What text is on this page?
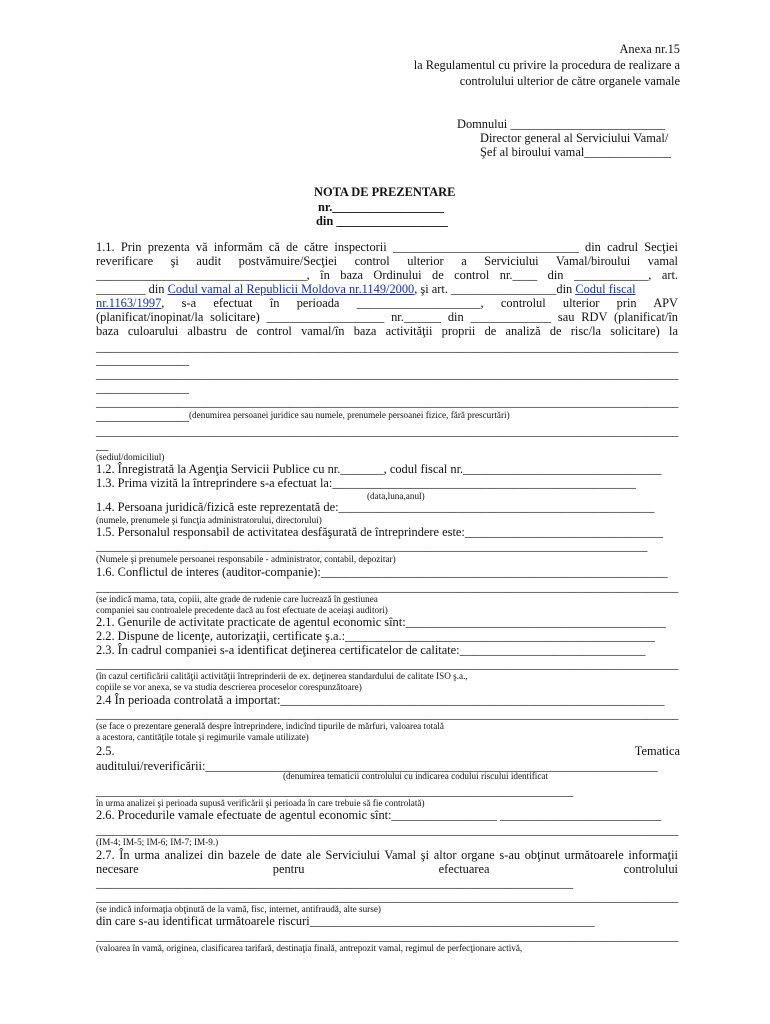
Anexa nr.15
la Regulamentul cu privire la procedura de realizare a
controlului ulterior de către organele vamale
Domnului _________________________
Director general al Serviciului Vamal/
Şef al biroului vamal______________
NOTA DE PREZENTARE
nr.__________________
din __________________
1.1. Prin prezenta vă informăm că de către inspectorii ______________________________ din cadrul Secţiei
reverificare şi audit postvămuire/Secţiei control ulterior a Serviciului Vamal/biroului vamal
__________________________________, în baza Ordinului de control nr.____ din ____________, art.
________ din Codul vamal al Republicii Moldova nr.1149/2000, şi art. _________________din Codul fiscal
nr.1163/1997, s-a efectuat în perioada ____________________, controlul ulterior prin APV
(planificat/inopinat/la solicitare) ___________________ nr.______ din _____________ sau RDV (planificat/în
baza culoarului albastru de control vamal/în baza activităţii proprii de analiză de risc/la solicitare) la
______________________________________________________________________________________________
_______________
______________________________________________________________________________________________
_______________
______________________________________________________________________________________________
_______________ (denumirea persoanei juridice sau numele, prenumele persoanei fizice, fără prescurtări)
______________________________________________________________________________________________
__
(sediul/domiciliul)
1.2. Înregistrată la Agenţia Servicii Publice cu nr._______, codul fiscal nr.________________________________
1.3. Prima vizită la întreprindere s-a efectuat la:_________________________________________________
(data,luna,anul)
1.4. Persoana juridică/fizică este reprezentată de:___________________________________________________
(numele, prenumele şi funcţia administratorului, directorului)
1.5. Personalul responsabil de activitatea desfăşurată de întreprindere este:________________________________
_________________________________________________________________________________________
(Numele şi prenumele persoanei responsabile - administrator, contabil, depozitar)
1.6. Conflictul de interes (auditor-companie):________________________________________________________
______________________________________________________________________________________________
(se indică mama, tata, copiii, alte grade de rudenie care lucrează în gestiunea
companiei sau controalele precedente dacă au fost efectuate de aceiaşi auditori)
2.1. Genurile de activitate practicate de agentul economic sînt:__________________________________________
2.2. Dispune de licenţe, autorizaţii, certificate ş.a.:__________________________________________________
2.3. În cadrul companiei s-a identificat deţinerea certificatelor de calitate:______________________________
______________________________________________________________________________________________
(în cazul certificării calităţii activităţii întreprinderii de ex. deţinerea standardului de calitate ISO ş.a.,
copiile se vor anexa, se va studia descrierea proceselor corespunzătoare)
2.4 În perioada controlată a importat:______________________________________________________________
______________________________________________________________________________________________
(se face o prezentare generală despre întreprindere, indicînd tipurile de mărfuri, valoarea totală
a acestora, cantităţile totale şi regimurile vamale utilizate)
2.5.	Tematica
auditului/reverificării:_________________________________________________________________________
(denumirea tematicii controlului cu indicarea codului riscului identificat
_____________________________________________________________________________
în urma analizei şi perioada supusă verificării şi perioada în care trebuie să fie controlată)
2.6. Procedurile vamale efectuate de agentul economic sînt:_________________ __________________________
______________________________________________________________________________________________
(IM-4; IM-5; IM-6; IM-7; IM-9.)
2.7. În urma analizei din bazele de date ale Serviciului Vamal şi altor organe s-au obţinut următoarele informaţii
necesare	pentru	efectuarea	controlului
_____________________________________________________________________________
______________________________________________________________________________________________
(se indică informaţia obţinută de la vamă, fisc, internet, antifraudă, alte surse)
din care s-au identificat următoarele riscuri______________________________________________
______________________________________________________________________________________________
(valoarea în vamă, originea, clasificarea tarifară, destinaţia finală, antrepozit vamal, regimul de perfecţionare activă,
